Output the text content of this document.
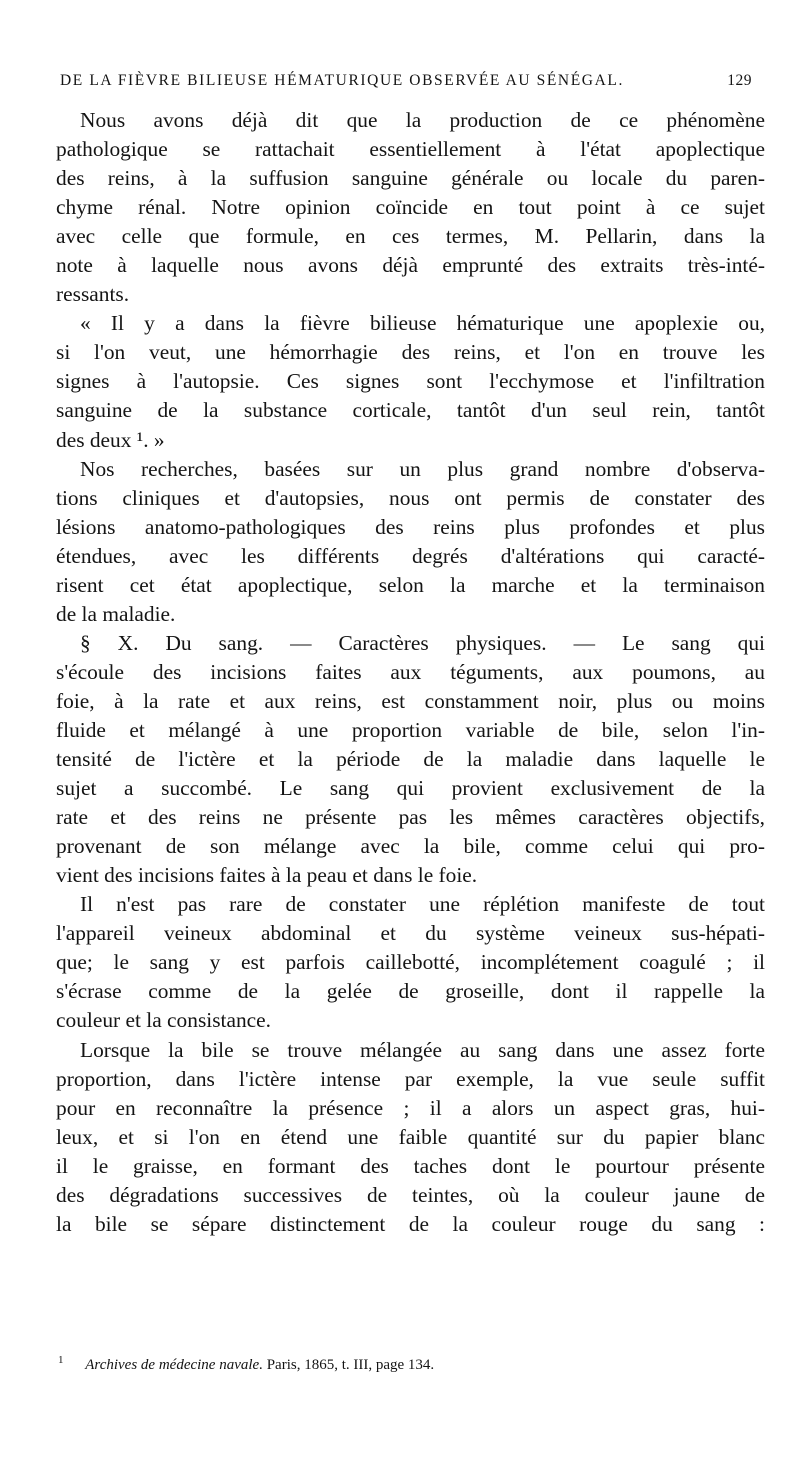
DE LA FIÈVRE BILIEUSE HÉMATURIQUE OBSERVÉE AU SÉNÉGAL.	129
Nous avons déjà dit que la production de ce phénomène
pathologique se rattachait essentiellement à l'état apoplectique
des reins, à la suffusion sanguine générale ou locale du paren-
chyme rénal. Notre opinion coïncide en tout point à ce sujet
avec celle que formule, en ces termes, M. Pellarin, dans la
note à laquelle nous avons déjà emprunté des extraits très-inté-
ressants.
« Il y a dans la fièvre bilieuse hématurique une apoplexie ou,
si l'on veut, une hémorrhagie des reins, et l'on en trouve les
signes à l'autopsie. Ces signes sont l'ecchymose et l'infiltration
sanguine de la substance corticale, tantôt d'un seul rein, tantôt
des deux ¹. »
Nos recherches, basées sur un plus grand nombre d'observa-
tions cliniques et d'autopsies, nous ont permis de constater des
lésions anatomo-pathologiques des reins plus profondes et plus
étendues, avec les différents degrés d'altérations qui caracté-
risent cet état apoplectique, selon la marche et la terminaison
de la maladie.
§ X. Du sang. — Caractères physiques. — Le sang qui
s'écoule des incisions faites aux téguments, aux poumons, au
foie, à la rate et aux reins, est constamment noir, plus ou moins
fluide et mélangé à une proportion variable de bile, selon l'in-
tensité de l'ictère et la période de la maladie dans laquelle le
sujet a succombé. Le sang qui provient exclusivement de la
rate et des reins ne présente pas les mêmes caractères objectifs,
provenant de son mélange avec la bile, comme celui qui pro-
vient des incisions faites à la peau et dans le foie.
Il n'est pas rare de constater une réplétion manifeste de tout
l'appareil veineux abdominal et du système veineux sus-hépati-
que; le sang y est parfois caillebotté, incomplétement coagulé ; il
s'écrase comme de la gelée de groseille, dont il rappelle la
couleur et la consistance.
Lorsque la bile se trouve mélangée au sang dans une assez forte
proportion, dans l'ictère intense par exemple, la vue seule suffit
pour en reconnaître la présence ; il a alors un aspect gras, hui-
leux, et si l'on en étend une faible quantité sur du papier blanc
il le graisse, en formant des taches dont le pourtour présente
des dégradations successives de teintes, où la couleur jaune de
la bile se sépare distinctement de la couleur rouge du sang :
$^1$ Archives de médecine navale. Paris, 1865, t. III, page 134.
